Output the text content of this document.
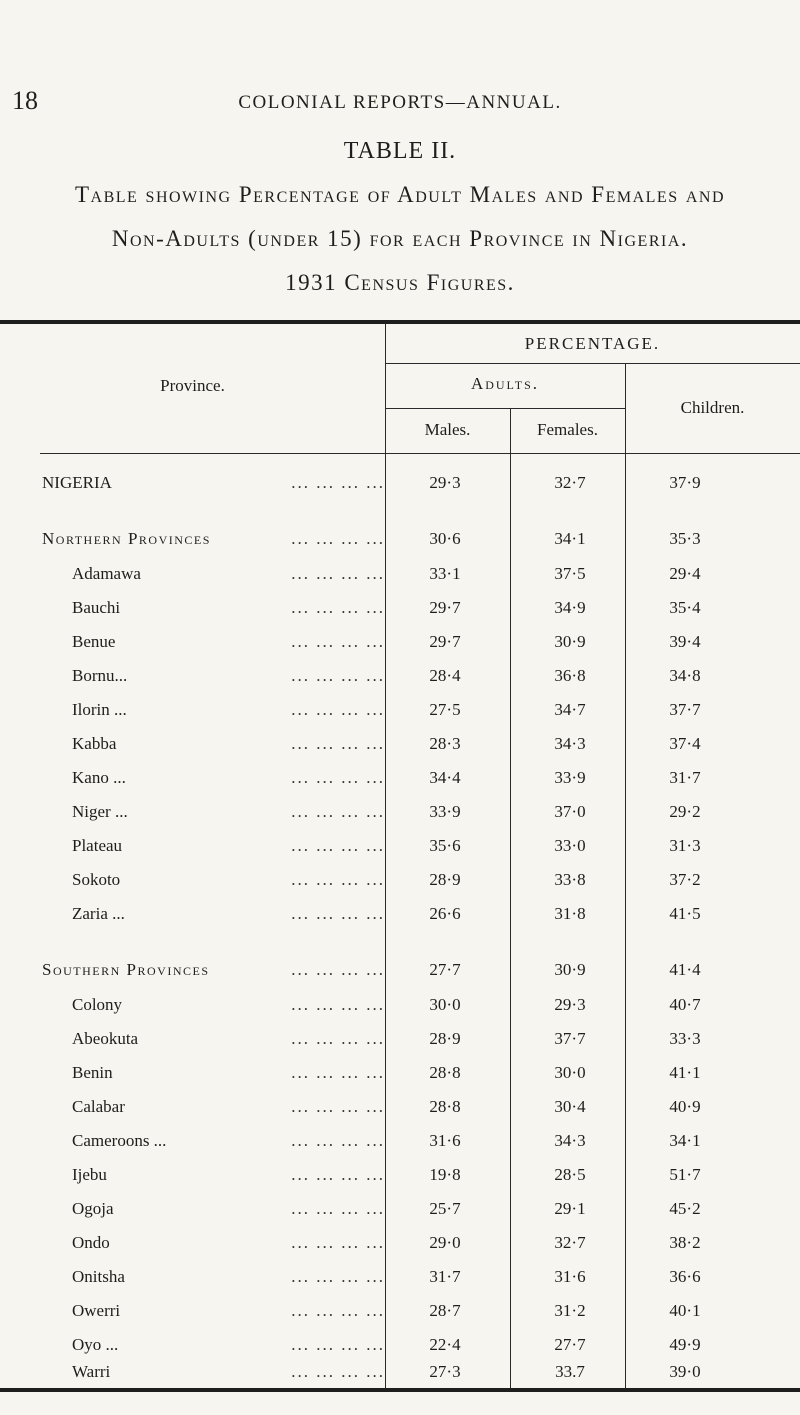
18	COLONIAL REPORTS—ANNUAL.
TABLE II.
Table showing Percentage of Adult Males and Females and
Non-Adults (under 15) for each Province in Nigeria.
1931 Census Figures.
Province.
PERCENTAGE.
Adults.
Children.
Males.	Females.
NIGERIA	... ... ... ...	29·3	32·7	37·9
Northern Provinces	... ... ... ...	30·6	34·1	35·3
Adamawa	... ... ... ...	33·1	37·5	29·4
Bauchi	... ... ... ...	29·7	34·9	35·4
Benue	... ... ... ...	29·7	30·9	39·4
Bornu...	... ... ... ...	28·4	36·8	34·8
Ilorin ...	... ... ... ...	27·5	34·7	37·7
Kabba	... ... ... ...	28·3	34·3	37·4
Kano ...	... ... ... ...	34·4	33·9	31·7
Niger ...	... ... ... ...	33·9	37·0	29·2
Plateau	... ... ... ...	35·6	33·0	31·3
Sokoto	... ... ... ...	28·9	33·8	37·2
Zaria ...	... ... ... ...	26·6	31·8	41·5
Southern Provinces	... ... ... ...	27·7	30·9	41·4
Colony	... ... ... ...	30·0	29·3	40·7
Abeokuta	... ... ... ...	28·9	37·7	33·3
Benin	... ... ... ...	28·8	30·0	41·1
Calabar	... ... ... ...	28·8	30·4	40·9
Cameroons ...	... ... ... ...	31·6	34·3	34·1
Ijebu	... ... ... ...	19·8	28·5	51·7
Ogoja	... ... ... ...	25·7	29·1	45·2
Ondo	... ... ... ...	29·0	32·7	38·2
Onitsha	... ... ... ...	31·7	31·6	36·6
Owerri	... ... ... ...	28·7	31·2	40·1
Oyo ...	... ... ... ...	22·4	27·7	49·9
Warri	... ... ... ...	27·3	33.7	39·0
